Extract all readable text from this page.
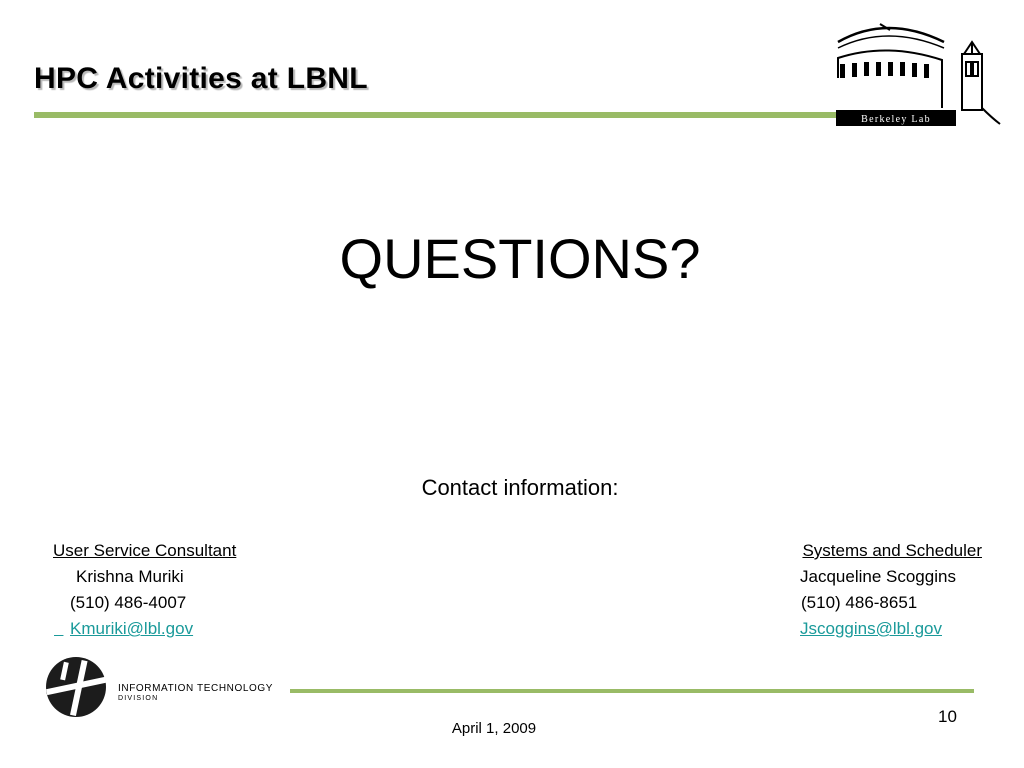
HPC Activities at LBNL
Berkeley Lab
QUESTIONS?
Contact information:
User Service Consultant
Krishna Muriki
(510) 486-4007

Kmuriki@lbl.gov
Systems and Scheduler
Jacqueline Scoggins
(510) 486-8651
Jscoggins@lbl.gov
INFORMATION TECHNOLOGY
DIVISION
10
April 1, 2009
